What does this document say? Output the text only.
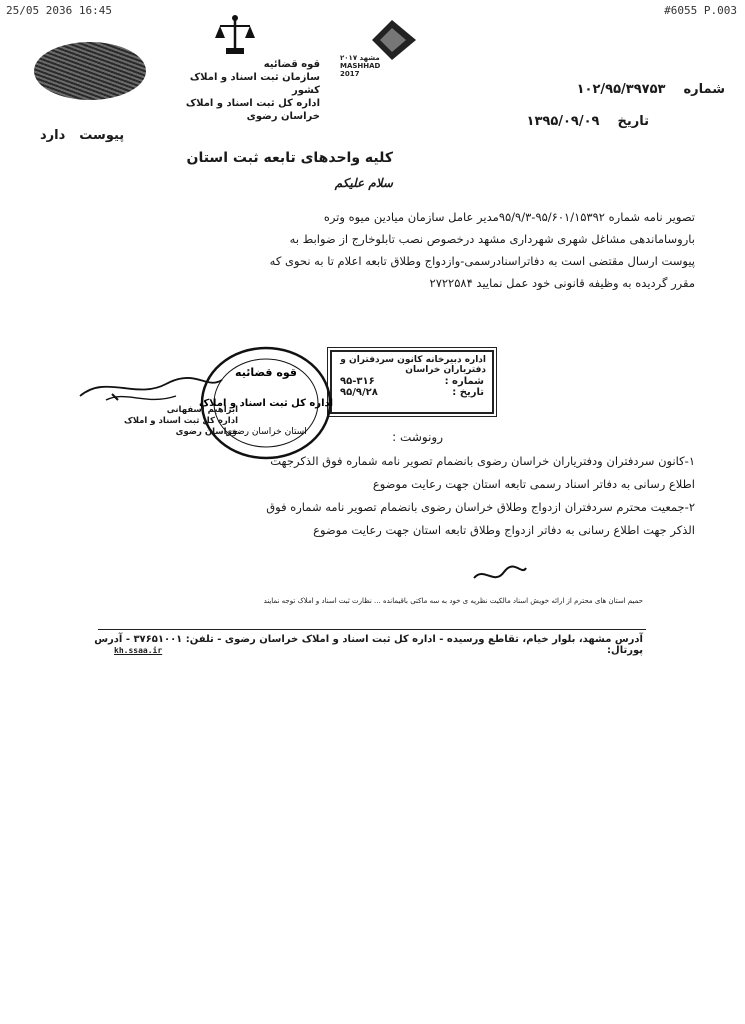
25/05 2036 16:45	#6055 P.003
قوه قضائیه
سازمان ثبت اسناد و املاک کشور
اداره کل ثبت اسناد و املاک خراسان رضوی
مشهد ۲۰۱۷ MASHHAD 2017
شماره
۱۰۲/۹۵/۳۹۷۵۳
تاریخ
۱۳۹۵/۰۹/۰۹
پیوست
دارد
کلیه واحدهای تابعه ثبت استان
سلام علیکم
تصویر نامه شماره ۹۵/۶۰۱/۱۵۳۹۲-۹۵/۹/۳مدیر عامل سازمان میادین میوه وتره
باروساماندهی مشاغل شهری شهرداری مشهد درخصوص نصب تابلوخارج از ضوابط به
پیوست ارسال مقتضی است به دفاتراسنادرسمی-وازدواج وطلاق تابعه اعلام تا به نحوی که
مقرر گردیده به وظیفه قانونی خود عمل نمایید ۲۷۲۲۵۸۴
اداره دبیرخانه کانون سردفتران و دفتریاران خراسان
شماره :
۹۵-۳۱۶
تاریخ :
۹۵/۹/۲۸
قوه قضائیه
اداره کل ثبت اسناد و املاک
استان خراسان رضوی
ابراهیم اسفهانی
اداره کل ثبت اسناد و املاک خراسان رضوی	رونوشت :
۱-کانون سردفتران ودفتریاران خراسان رضوی بانضمام تصویر نامه شماره فوق الذکرجهت
اطلاع رسانی به دفاتر اسناد رسمی تابعه استان جهت رعایت موضوع
۲-جمعیت محترم سردفتران ازدواج وطلاق خراسان رضوی بانضمام تصویر نامه شماره فوق
الذکر جهت اطلاع رسانی به دفاتر ازدواج وطلاق تابعه استان جهت رعایت موضوع
حمیم استان های محترم از ارائه خویش اسناد مالکیت نظریه ی خود به سه ماکتی باقیمانده ... نظارت ثبت اسناد و املاک توجه نمایند
آدرس مشهد، بلوار خیام، تقاطع ورسیده - اداره کل ثبت اسناد و املاک خراسان رضوی - تلفن: ۳۷۶۵۱۰۰۱ - آدرس پورتال:
kh.ssaa.ir
